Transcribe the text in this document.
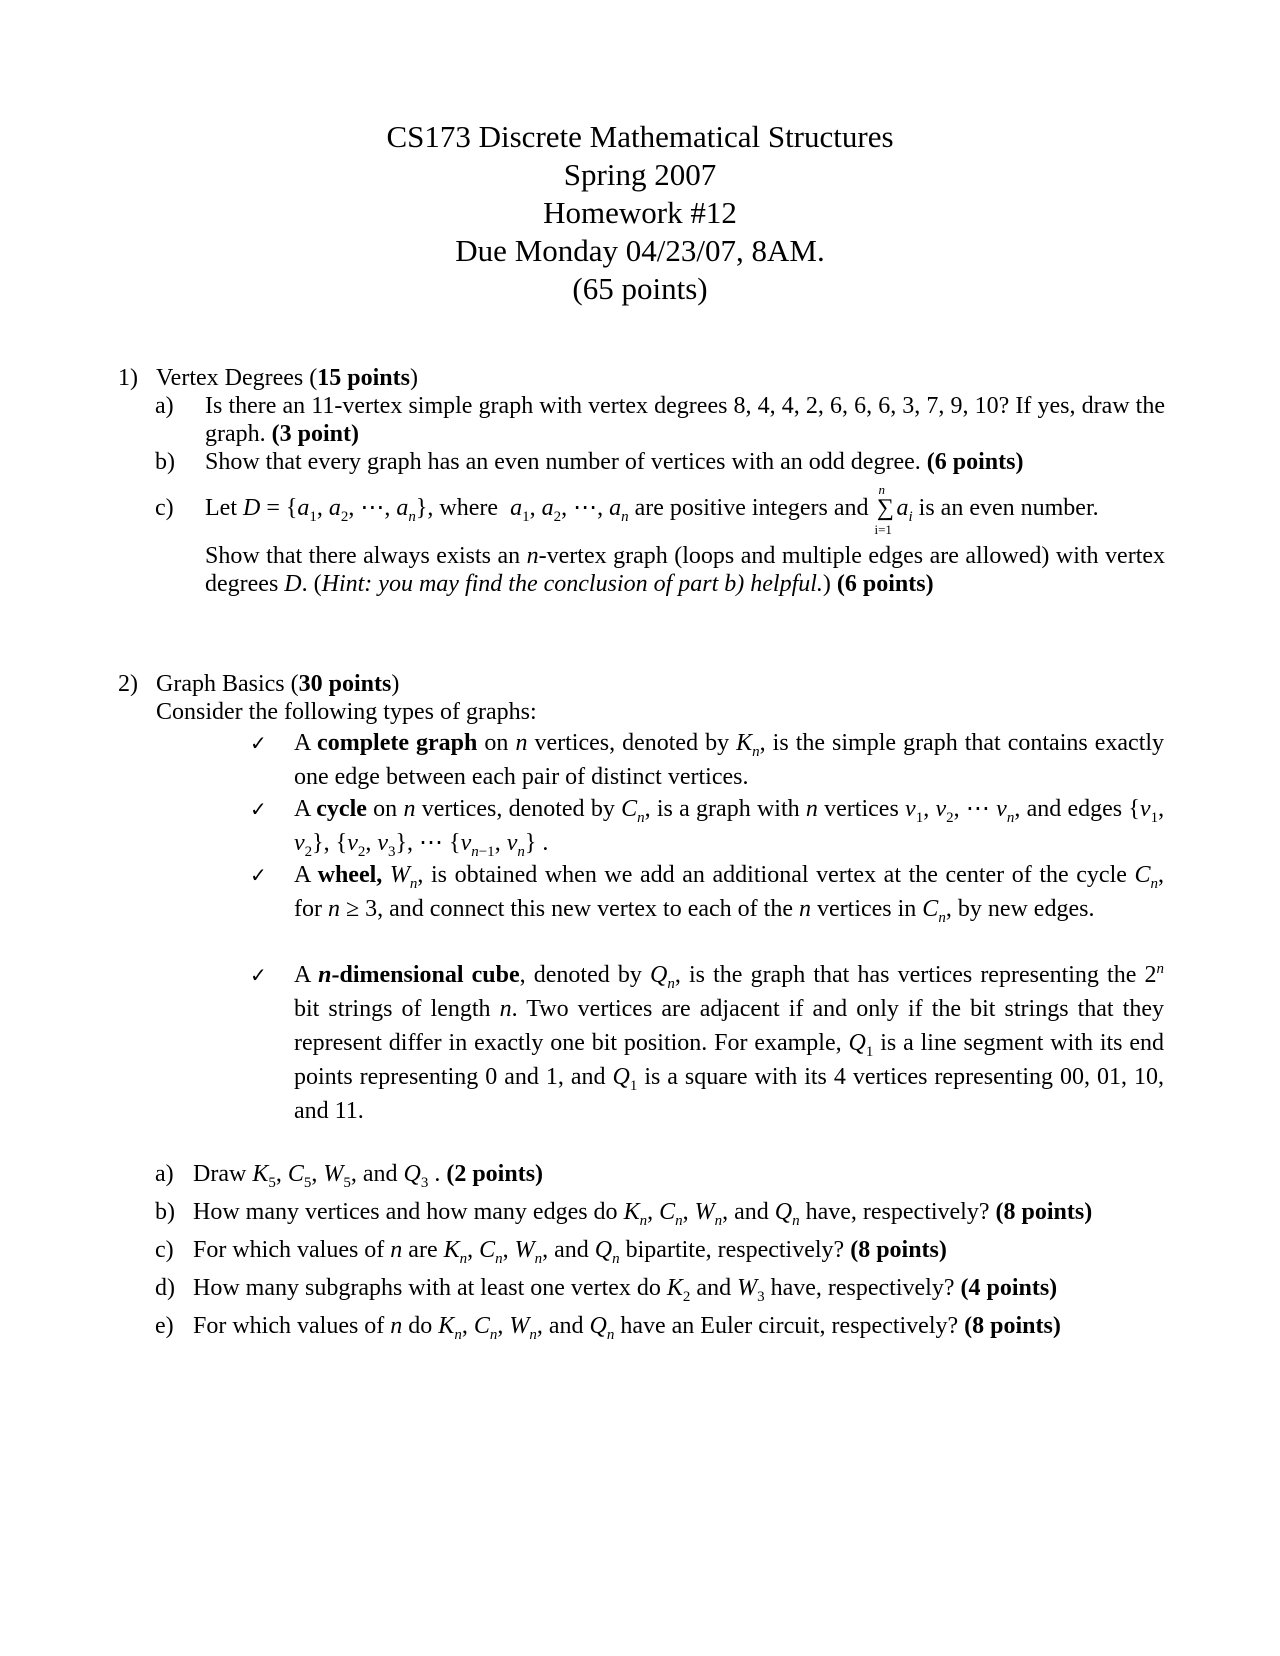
CS173 Discrete Mathematical Structures
Spring 2007
Homework #12
Due Monday 04/23/07, 8AM.
(65 points)
1) Vertex Degrees (15 points)
a) Is there an 11-vertex simple graph with vertex degrees 8, 4, 4, 2, 6, 6, 6, 3, 7, 9, 10? If yes, draw the graph. (3 point)
b) Show that every graph has an even number of vertices with an odd degree. (6 points)
c) Let $D = \{a_1$, $a_2$, ⋯, $a_n$}, where $a_1$, $a_2$, ⋯, $a_n$ are positive integers and ∑
n
i=1
$a_i$ is an even number.
Show that there always exists an n-vertex graph (loops and multiple edges are allowed) with vertex degrees D. (Hint: you may find the conclusion of part b) helpful.) (6 points)
2) Graph Basics (30 points)
Consider the following types of graphs:
✓ A complete graph on n vertices, denoted by $K_n$, is the simple graph that contains exactly one edge between each pair of distinct vertices.
✓ A cycle on n vertices, denoted by $C_n$, is a graph with n vertices $v_1$, $v_2$, ⋯ $v_n$, and edges {$v_1$, $v_2$}, {$v_2$, $v_3$}, ⋯ {$v_{n-1}$, $v_n$} .
✓ A wheel, $W_n$, is obtained when we add an additional vertex at the center of the cycle $C_n$, for n ≥ 3, and connect this new vertex to each of the n vertices in $C_n$, by new edges.
✓ A n-dimensional cube, denoted by $Q_n$, is the graph that has vertices representing the 2$^n$ bit strings of length n. Two vertices are adjacent if and only if the bit strings that they represent differ in exactly one bit position. For example, $Q_1$ is a line segment with its end points representing 0 and 1, and $Q_1$ is a square with its 4 vertices representing 00, 01, 10, and 11.
a) Draw $K_5$, $C_5$, $W_5$, and $Q_3$ . (2 points)
b) How many vertices and how many edges do $K_n$, $C_n$, $W_n$, and $Q_n$ have, respectively? (8 points)
c) For which values of n are $K_n$, $C_n$, $W_n$, and $Q_n$ bipartite, respectively? (8 points)
d) How many subgraphs with at least one vertex do $K_2$ and $W_3$ have, respectively? (4 points)
e) For which values of n do $K_n$, $C_n$, $W_n$, and $Q_n$ have an Euler circuit, respectively? (8 points)
